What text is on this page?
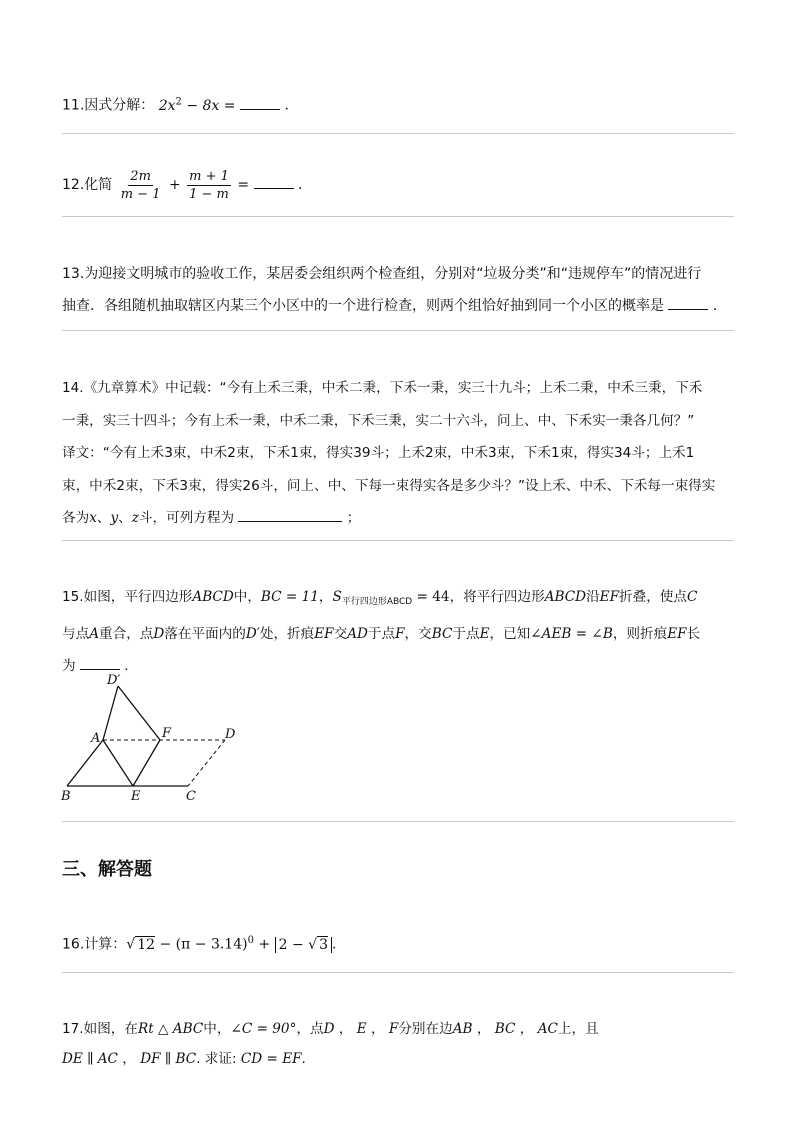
11.因式分解： $2x^2 - 8x$ =	．
12.化简 $\frac{2m}{m - 1} + \frac{m + 1}{1 - m}$ =	．
13.为迎接文明城市的验收工作，某居委会组织两个检查组，分别对“垃圾分类”和“违规停车”的情况进行
抽查．各组随机抽取辖区内某三个小区中的一个进行检查，则两个组恰好抽到同一个小区的概率是	．
14.《九章算术》中记载：“今有上禾三秉，中禾二秉，下禾一秉，实三十九斗；上禾二秉，中禾三秉，下禾
一秉，实三十四斗；今有上禾一秉，中禾二秉，下禾三秉，实二十六斗，问上、中、下禾实一秉各几何？”
译文：“今有上禾3束，中禾2束，下禾1束，得实39斗；上禾2束，中禾3束，下禾1束，得实34斗；上禾1
束，中禾2束，下禾3束，得实26斗，问上、中、下每一束得实各是多少斗？”设上禾、中禾、下禾每一束得实
各为x、y、z斗，可列方程为	；
15.如图，平行四边形ABCD中，BC = 11，$S_{平行四边形ABCD} = 44$，将平行四边形ABCD沿EF折叠，使点C
与点A重合，点D落在平面内的D′处，折痕EF交AD于点F，交BC于点E，已知∠AEB = ∠B，则折痕EF长
为	．
D′
A	F	D
B	E	C
三、解答题
16.计算：√ $12 - (\pi - 3.14)^0 + 2$ − √ 3 .
17.如图，在Rt △ ABC中，∠C = 90°，点D ， E ， F分别在边AB ， BC ， AC上，且
DE ∥ AC ， DF ∥ BC. 求证: CD = EF.
